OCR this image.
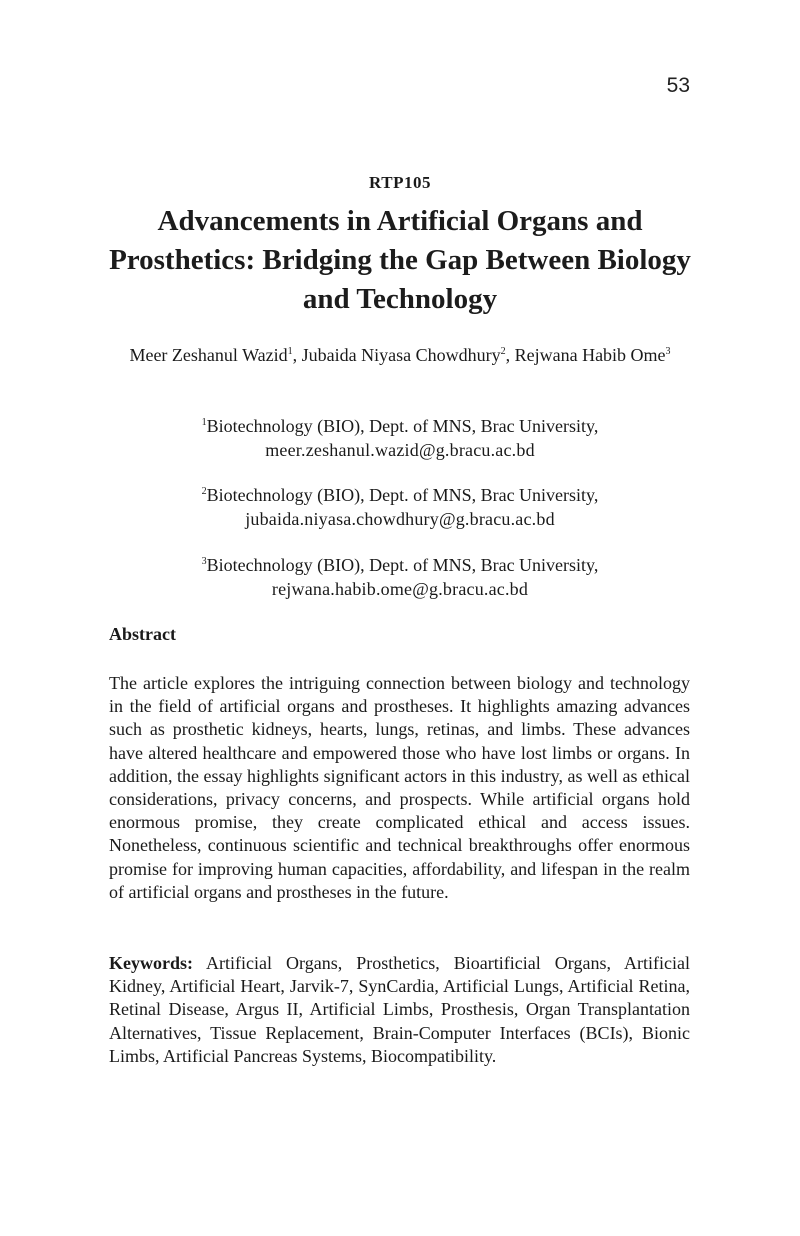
53
RTP105
Advancements in Artificial Organs and Prosthetics: Bridging the Gap Between Biology and Technology
Meer Zeshanul Wazid$^1$, Jubaida Niyasa Chowdhury$^2$, Rejwana Habib Ome$^3$
$^1$Biotechnology (BIO), Dept. of MNS, Brac University,
meer.zeshanul.wazid@g.bracu.ac.bd
$^2$Biotechnology (BIO), Dept. of MNS, Brac University,
jubaida.niyasa.chowdhury@g.bracu.ac.bd
$^3$Biotechnology (BIO), Dept. of MNS, Brac University,
rejwana.habib.ome@g.bracu.ac.bd
Abstract

The article explores the intriguing connection between biology and technology in the field of artificial organs and prostheses. It highlights amazing advances such as prosthetic kidneys, hearts, lungs, retinas, and limbs. These advances have altered healthcare and empowered those who have lost limbs or organs. In addition, the essay highlights significant actors in this industry, as well as ethical considerations, privacy concerns, and prospects. While artificial organs hold enormous promise, they create complicated ethical and access issues. Nonetheless, continuous scientific and technical breakthroughs offer enormous promise for improving human capacities, affordability, and lifespan in the realm of artificial organs and prostheses in the future.

Keywords: Artificial Organs, Prosthetics, Bioartificial Organs, Artificial Kidney, Artificial Heart, Jarvik-7, SynCardia, Artificial Lungs, Artificial Retina, Retinal Disease, Argus II, Artificial Limbs, Prosthesis, Organ Transplantation Alternatives, Tissue Replacement, Brain-Computer Interfaces (BCIs), Bionic Limbs, Artificial Pancreas Systems, Biocompatibility.
